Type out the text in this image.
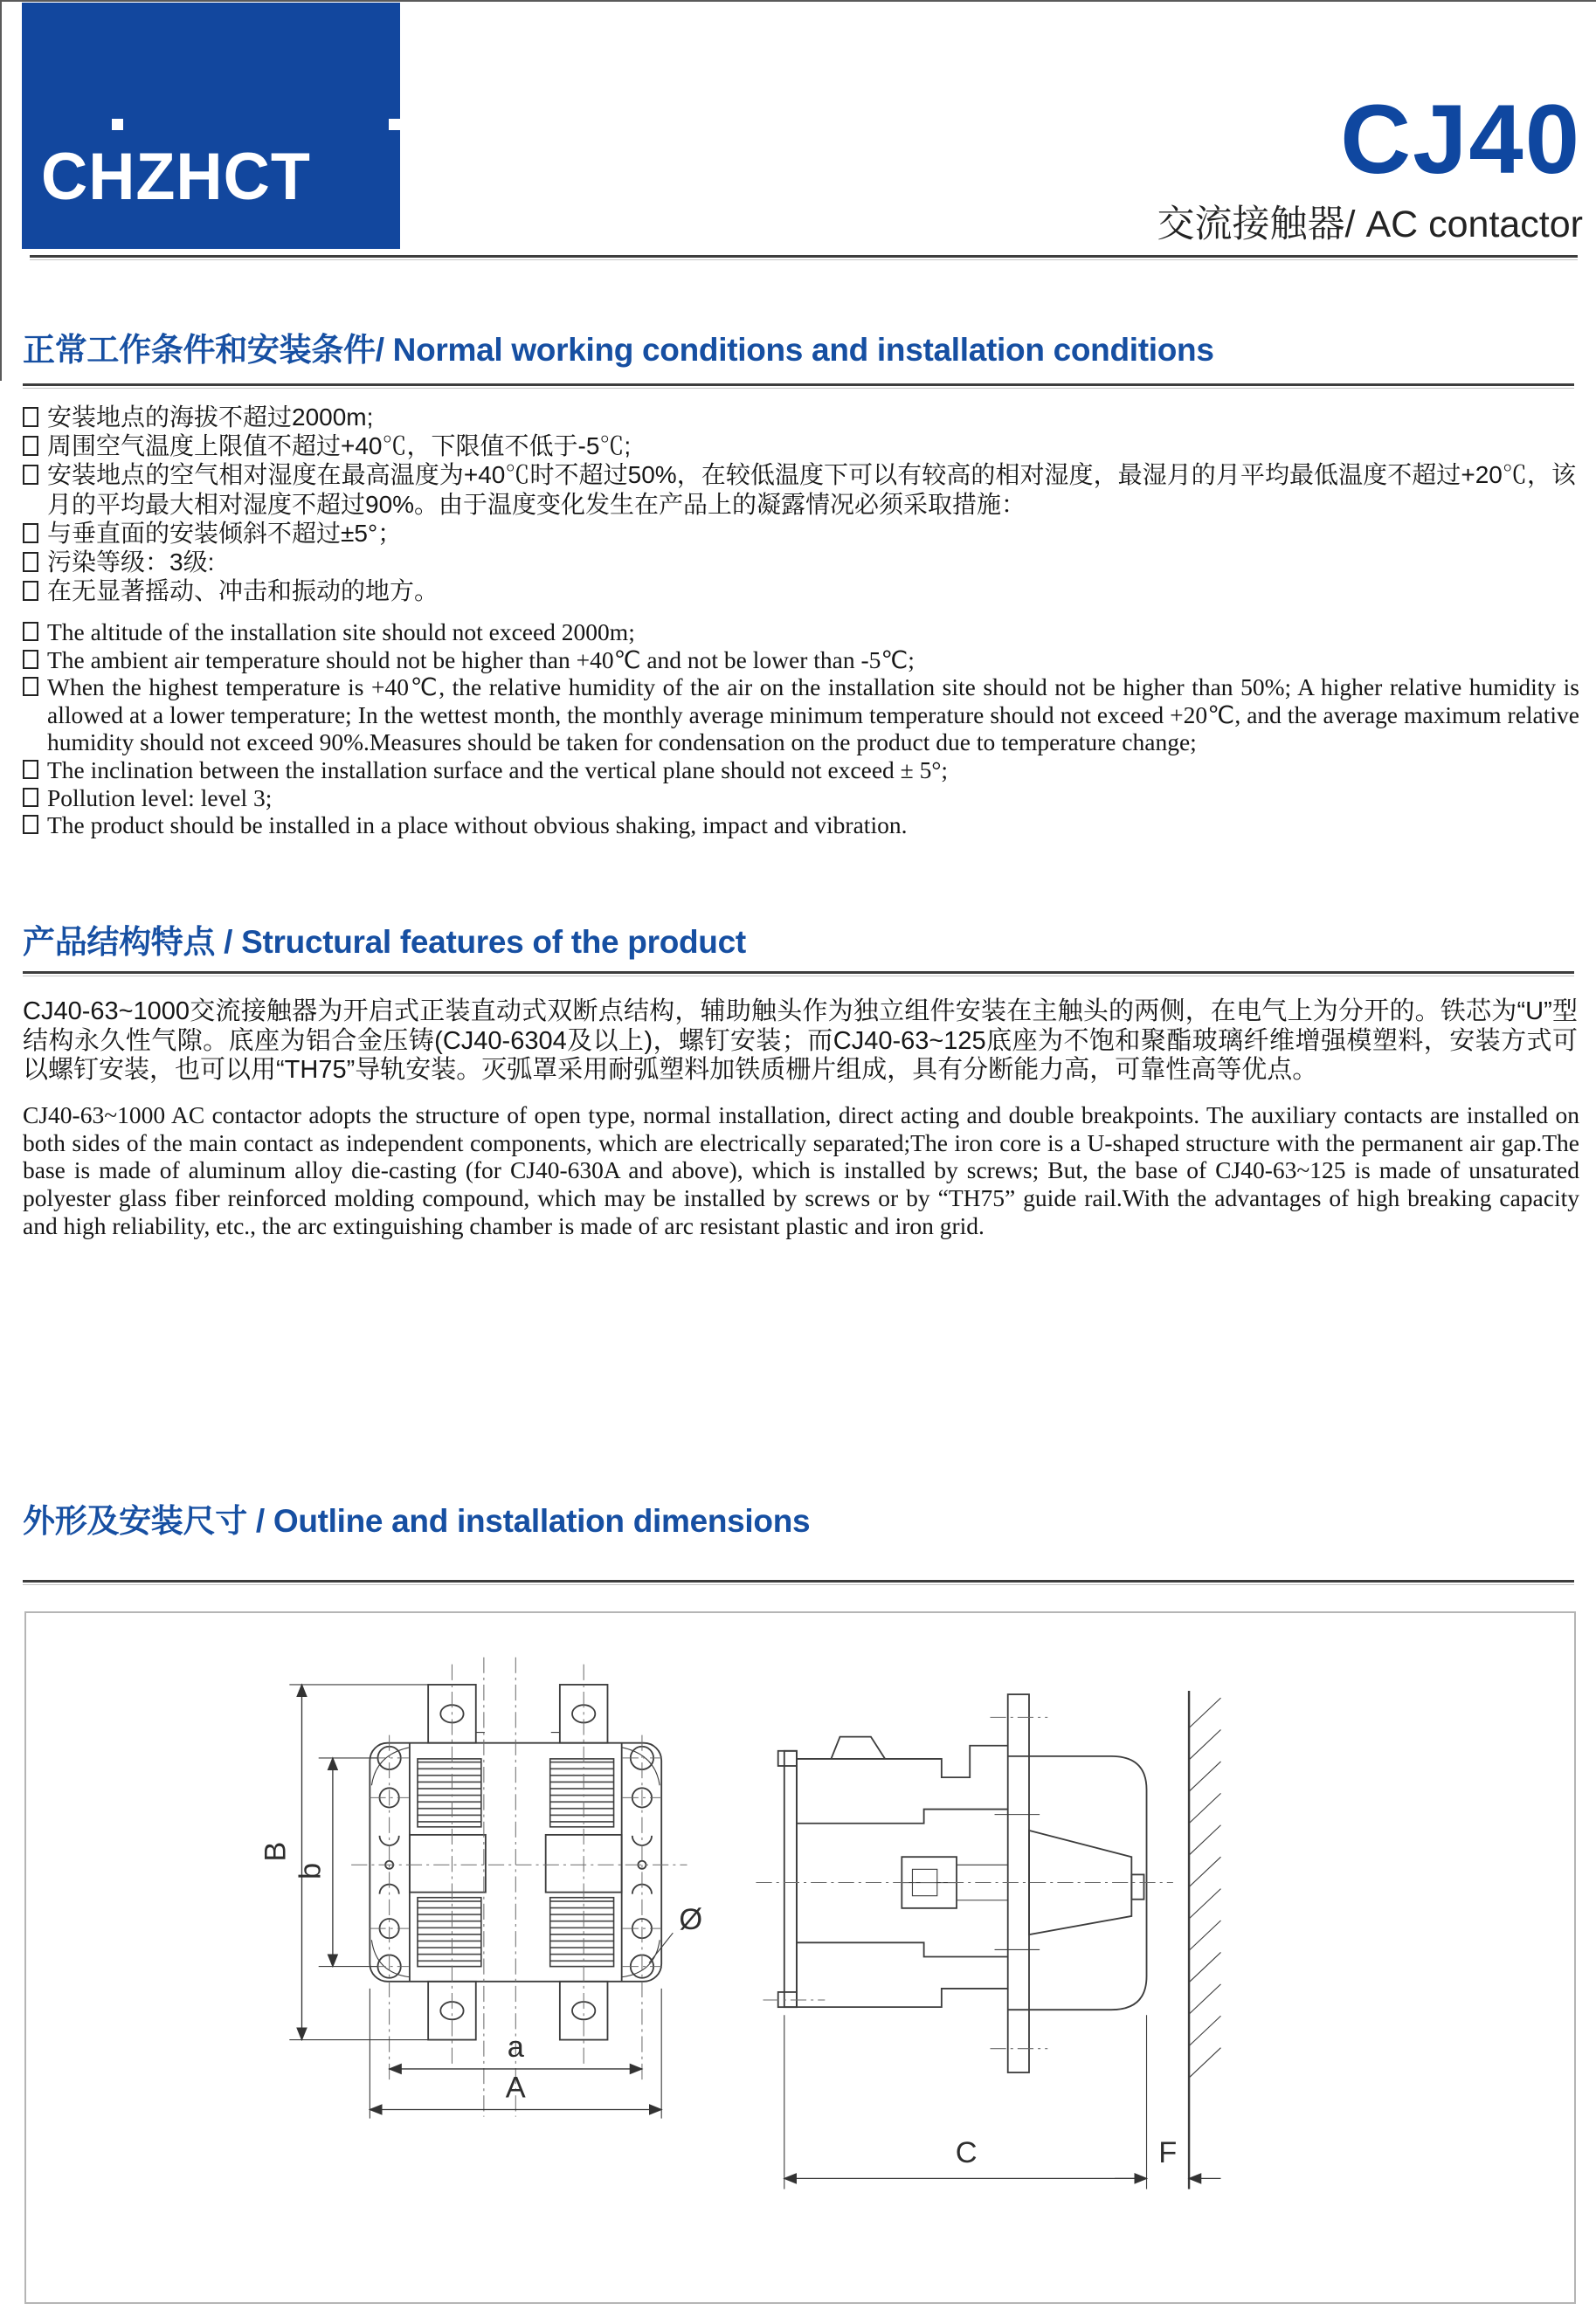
CHZHCT	CJ40
交流接触器/ AC contactor
正常工作条件和安装条件/ Normal working conditions and installation conditions
安装地点的海拔不超过2000m;
周围空气温度上限值不超过+40℃，下限值不低于-5℃;
安装地点的空气相对湿度在最高温度为+40℃时不超过50%，在较低温度下可以有较高的相对湿度，最湿月的月平均最低温度不超过+20℃，该月的平均最大相对湿度不超过90%。由于温度变化发生在产品上的凝露情况必须采取措施：
与垂直面的安装倾斜不超过±5°；
污染等级：3级:
在无显著摇动、冲击和振动的地方。
The altitude of the installation site should not exceed 2000m;
The ambient air temperature should not be higher than +40℃ and not be lower than -5℃;
When the highest temperature is +40℃, the relative humidity of the air on the installation site should not be higher than 50%; A higher relative humidity is allowed at a lower temperature; In the wettest month, the monthly average minimum temperature should not exceed +20℃, and the average maximum relative humidity should not exceed 90%.Measures should be taken for condensation on the product due to temperature change;
The inclination between the installation surface and the vertical plane should not exceed ± 5°;
Pollution level: level 3;
The product should be installed in a place without obvious shaking, impact and vibration.
产品结构特点 / Structural features of the product
CJ40-63~1000交流接触器为开启式正装直动式双断点结构，辅助触头作为独立组件安装在主触头的两侧，在电气上为分开的。铁芯为“U”型结构永久性气隙。底座为铝合金压铸(CJ40-6304及以上)，螺钉安装；而CJ40-63~125底座为不饱和聚酯玻璃纤维增强模塑料，安装方式可以螺钉安装，也可以用“TH75”导轨安装。灭弧罩采用耐弧塑料加铁质栅片组成，具有分断能力高，可靠性高等优点。
CJ40-63~1000 AC contactor adopts the structure of open type, normal installation, direct acting and double breakpoints. The auxiliary contacts are installed on both sides of the main contact as independent components, which are electrically separated;The iron core is a U-shaped structure with the permanent air gap.The base is made of aluminum alloy die-casting (for CJ40-630A and above), which is installed by screws; But, the base of CJ40-63~125 is made of unsaturated polyester glass fiber reinforced molding compound, which may be installed by screws or by “TH75” guide rail.With the advantages of high breaking capacity and high reliability, etc., the arc extinguishing chamber is made of arc resistant plastic and iron grid.
外形及安装尺寸 / Outline and installation dimensions
B
b
a
A
Ø
C	F
